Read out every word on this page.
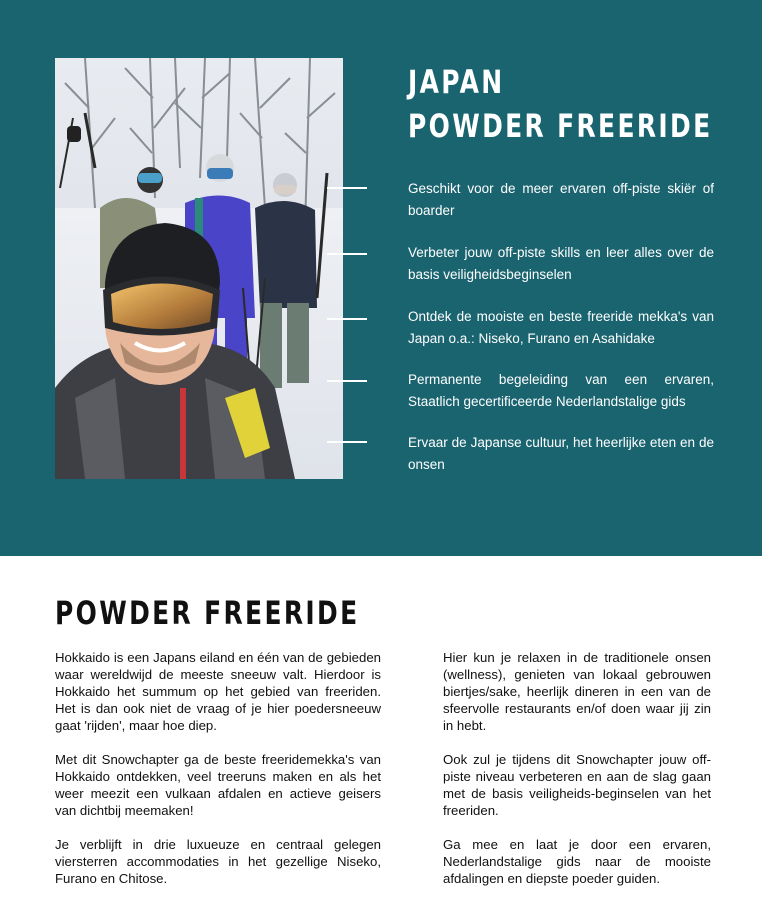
JAPAN
POWDER FREERIDE

Geschikt voor de meer ervaren off-piste skiër of boarder

Verbeter jouw off-piste skills en leer alles over de basis veiligheidsbeginselen

Ontdek de mooiste en beste freeride mekka's van Japan o.a.: Niseko, Furano en Asahidake

Permanente begeleiding van een ervaren, Staatlich gecertificeerde Nederlandstalige gids

Ervaar de Japanse cultuur, het heerlijke eten en de onsen

POWDER FREERIDE

Hokkaido is een Japans eiland en één van de gebieden waar wereldwijd de meeste sneeuw valt. Hierdoor is Hokkaido het summum op het gebied van freeriden. Het is dan ook niet de vraag of je hier poedersneeuw gaat 'rijden', maar hoe diep.

Met dit Snowchapter ga de beste freeridemekka's van Hokkaido ontdekken, veel treeruns maken en als het weer meezit een vulkaan afdalen en actieve geisers van dichtbij meemaken!

Je verblijft in drie luxueuze en centraal gelegen viersterren accommodaties in het gezellige Niseko, Furano en Chitose.

Hier kun je relaxen in de traditionele onsen (wellness), genieten van lokaal gebrouwen biertjes/sake, heerlijk dineren in een van de sfeervolle restaurants en/of doen waar jij zin in hebt.

Ook zul je tijdens dit Snowchapter jouw off-piste niveau verbeteren en aan de slag gaan met de basis veiligheids-beginselen van het freeriden.

Ga mee en laat je door een ervaren, Nederlandstalige gids naar de mooiste afdalingen en diepste poeder guiden.
